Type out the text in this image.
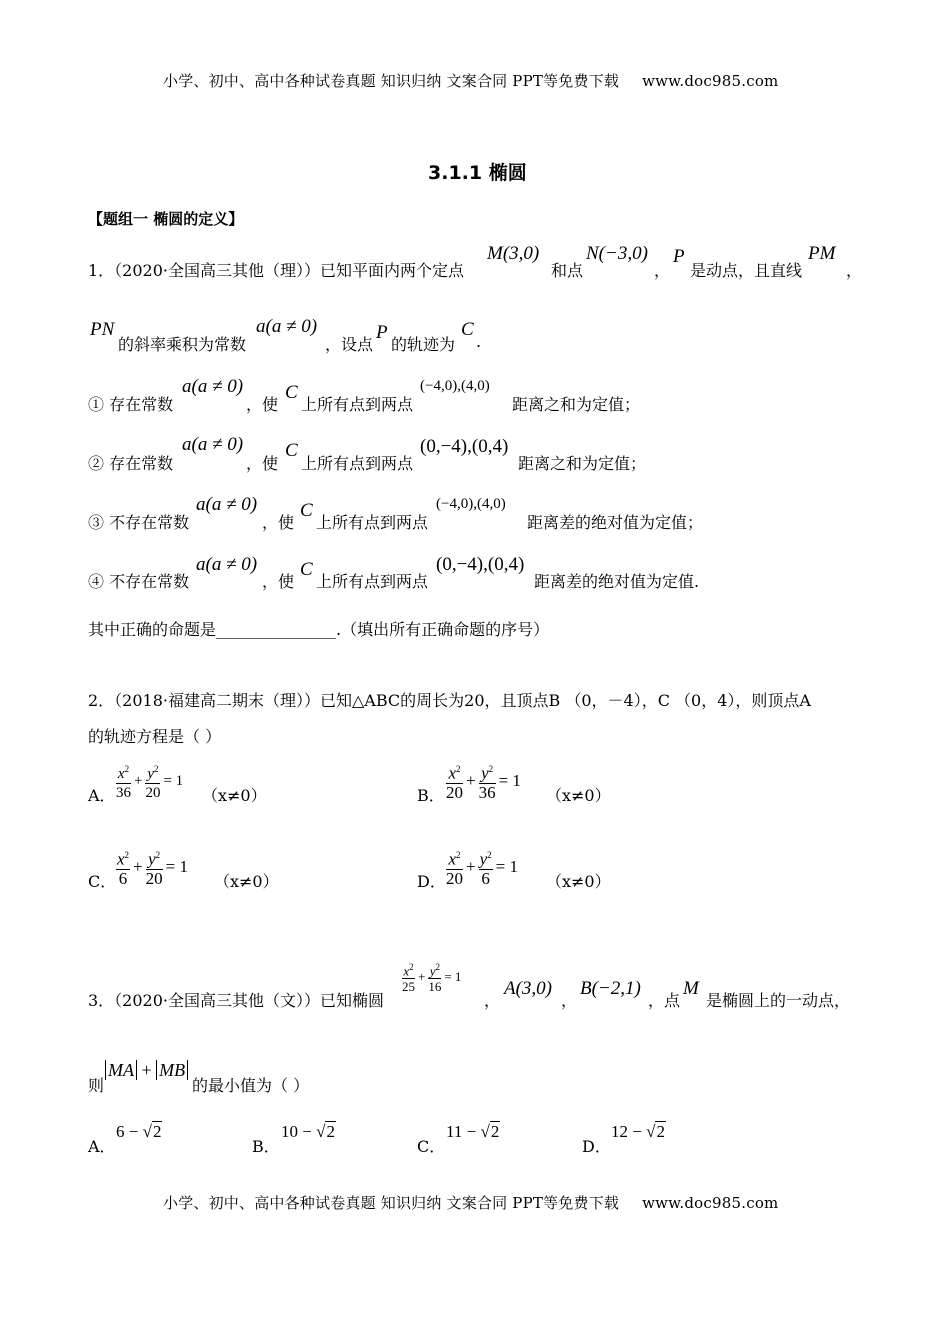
小学、初中、高中各种试卷真题 知识归纳 文案合同 PPT等免费下载 www.doc985.com
3.1.1 椭圆
【题组一 椭圆的定义】
1．（2020·全国高三其他（理））已知平面内两个定点
M(3,0)
和点
N(−3,0)
，
P
是动点，且直线
PM
，
PN
的斜率乘积为常数
a(a ≠ 0)
，设点
P
的轨迹为
C
.
① 存在常数
a(a ≠ 0)
，使
C
上所有点到两点
(−4,0),(4,0)
距离之和为定值；
② 存在常数
a(a ≠ 0)
，使
C
上所有点到两点
(0,−4),(0,4)
距离之和为定值；
③ 不存在常数
a(a ≠ 0)
，使
C
上所有点到两点
(−4,0),(4,0)
距离差的绝对值为定值；
④ 不存在常数
a(a ≠ 0)
，使
C
上所有点到两点
(0,−4),(0,4)
距离差的绝对值为定值.
其中正确的命题是_______________.（填出所有正确命题的序号）
2．（2018·福建高二期末（理））已知△ABC的周长为20，且顶点B （0，－4），C （0，4），则顶点A
的轨迹方程是（ ）
A． $\frac{x^2}{36} + \frac{y^2}{20} = 1$
（x≠0）	B． $\frac{x^2}{20} + \frac{y^2}{36} = 1$
（x≠0）
C． $\frac{x^2}{6} + \frac{y^2}{20} = 1$
（x≠0）	D． $\frac{x^2}{20} + \frac{y^2}{6} = 1$
（x≠0）
3．（2020·全国高三其他（文））已知椭圆
$\frac{x^2}{25} + \frac{y^2}{16} = 1$
，
A(3,0)
，
B(−2,1)
，点
M
是椭圆上的一动点，
则
MA + MB
的最小值为（ ）
A．
6 − √2
B．
10 − √2
C．
11 − √2
D．
12 − √2
小学、初中、高中各种试卷真题 知识归纳 文案合同 PPT等免费下载 www.doc985.com
